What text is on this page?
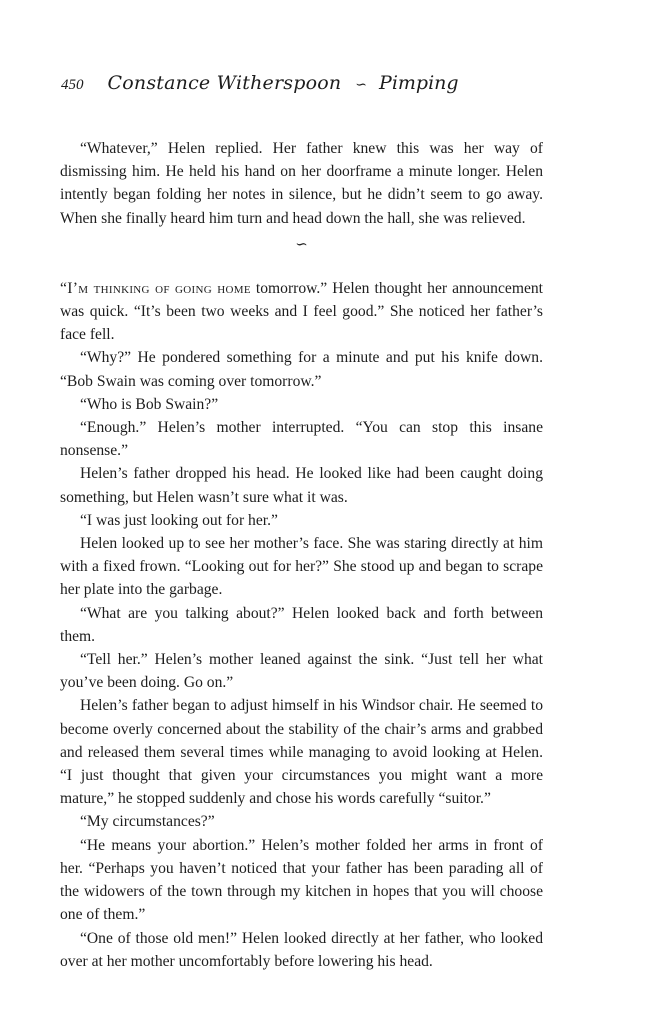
450 Constance Witherspoon ∽ Pimping

“Whatever,” Helen replied. Her father knew this was her way of dismissing him. He held his hand on her doorframe a minute longer. Helen intently began folding her notes in silence, but he didn’t seem to go away. When she finally heard him turn and head down the hall, she was relieved.

∽

“I’m thinking of going home tomorrow.” Helen thought her announcement was quick. “It’s been two weeks and I feel good.” She noticed her father’s face fell.

“Why?” He pondered something for a minute and put his knife down. “Bob Swain was coming over tomorrow.”

“Who is Bob Swain?”

“Enough.” Helen’s mother interrupted. “You can stop this insane nonsense.”

Helen’s father dropped his head. He looked like had been caught doing something, but Helen wasn’t sure what it was.

“I was just looking out for her.”

Helen looked up to see her mother’s face. She was staring directly at him with a fixed frown. “Looking out for her?” She stood up and began to scrape her plate into the garbage.

“What are you talking about?” Helen looked back and forth between them.

“Tell her.” Helen’s mother leaned against the sink. “Just tell her what you’ve been doing. Go on.”

Helen’s father began to adjust himself in his Windsor chair. He seemed to become overly concerned about the stability of the chair’s arms and grabbed and released them several times while managing to avoid looking at Helen. “I just thought that given your circumstances you might want a more mature,” he stopped suddenly and chose his words carefully “suitor.”

“My circumstances?”

“He means your abortion.” Helen’s mother folded her arms in front of her. “Perhaps you haven’t noticed that your father has been parading all of the widowers of the town through my kitchen in hopes that you will choose one of them.”

“One of those old men!” Helen looked directly at her father, who looked over at her mother uncomfortably before lowering his head.
